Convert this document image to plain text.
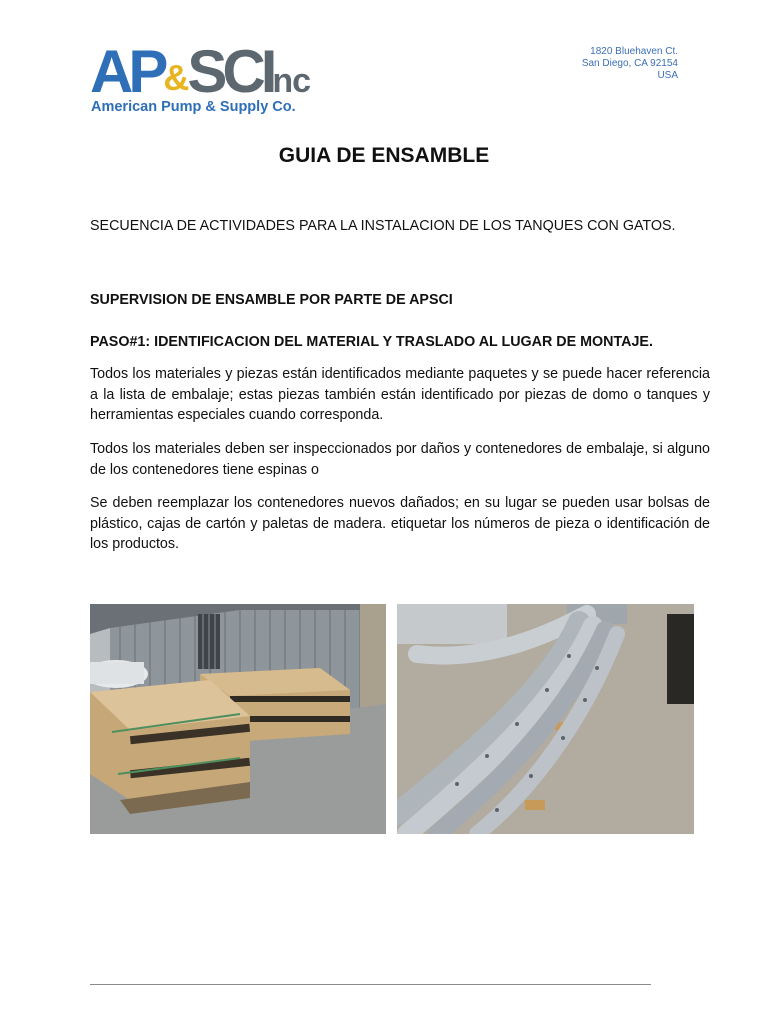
AP&SCInc
American Pump & Supply Co.
1820 Bluehaven Ct.
San Diego, CA 92154
USA
GUIA DE ENSAMBLE

SECUENCIA DE ACTIVIDADES PARA LA INSTALACION DE LOS TANQUES CON GATOS.

SUPERVISION DE ENSAMBLE POR PARTE DE APSCI

PASO#1: IDENTIFICACION DEL MATERIAL Y TRASLADO AL LUGAR DE MONTAJE.

Todos los materiales y piezas están identificados mediante paquetes y se puede hacer referencia a la lista de embalaje; estas piezas también están identificado por piezas de domo o tanques y herramientas especiales cuando corresponda.

Todos los materiales deben ser inspeccionados por daños y contenedores de embalaje, si alguno de los contenedores tiene espinas o

Se deben reemplazar los contenedores nuevos dañados; en su lugar se pueden usar bolsas de plástico, cajas de cartón y paletas de madera. etiquetar los números de pieza o identificación de los productos.
